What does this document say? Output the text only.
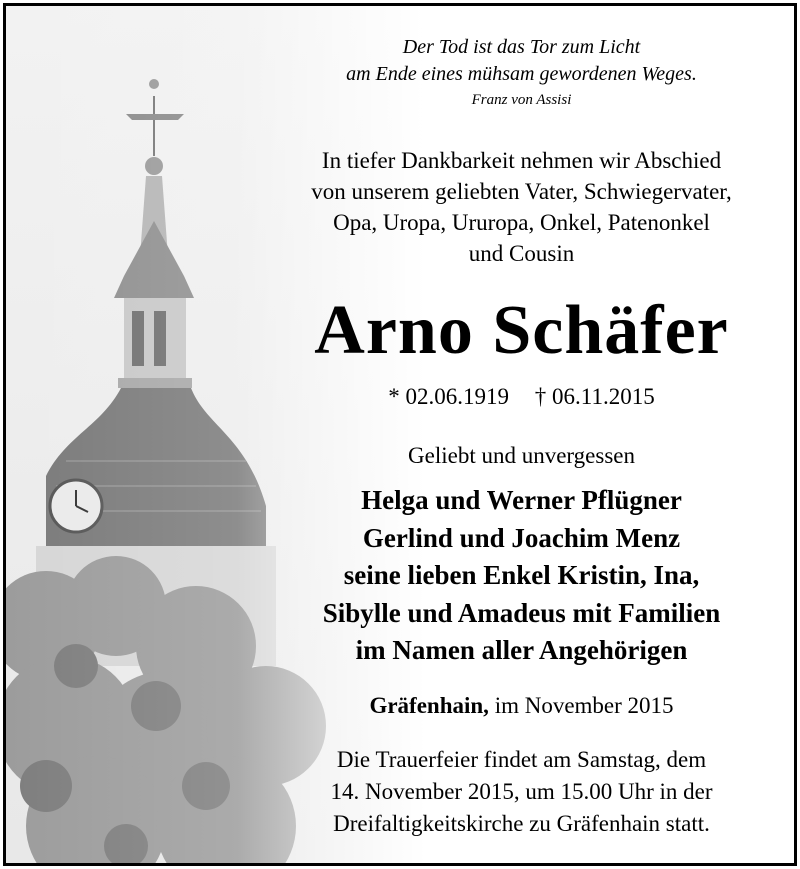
Der Tod ist das Tor zum Licht
am Ende eines mühsam gewordenen Weges.
Franz von Assisi
In tiefer Dankbarkeit nehmen wir Abschied
von unserem geliebten Vater, Schwiegervater,
Opa, Uropa, Ururopa, Onkel, Patenonkel
und Cousin
Arno Schäfer
* 02.06.1919 † 06.11.2015
Geliebt und unvergessen
Helga und Werner Pflügner
Gerlind und Joachim Menz
seine lieben Enkel Kristin, Ina,
Sibylle und Amadeus mit Familien
im Namen aller Angehörigen
Gräfenhain, im November 2015
Die Trauerfeier findet am Samstag, dem
14. November 2015, um 15.00 Uhr in der
Dreifaltigkeitskirche zu Gräfenhain statt.
